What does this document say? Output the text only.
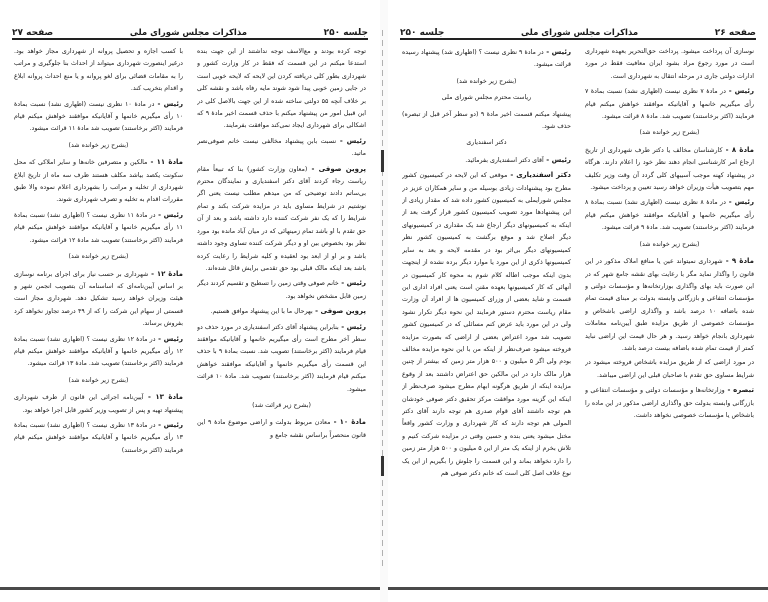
جلسه ۲۵۰
مذاکرات مجلس شورای ملی
صفحه ۲۷

توجه کرده بودند و مع‌الاسف توجه نداشتند از این جهت بنده استدعا میکنم در این قسمت که فقط در کار وزارت کشور و شهرداری بطور کلی دریافته کردن این لایحه که لایحه خوبی است در جایی زمین خوبی پیدا شود شوند مایه رفاه باشد و نقشه کلی بر خلاف آنچه ۵۵ دولتی ساخته شده از این جهت بالاصل کلی در این قبیل امور من پیشنهاد میکنم با حذف قسمت اخیر مادهٔ ۹ که اشکالی برای شهرداری ایجاد نمی‌کند موافقت بفرمایند.

رئیس - نسبت بابن پیشنهاد مخالفی نیست خانم صوفی‌نصر ماتید.

پروین صوفی - (معاون وزارت کشور) بنا که تبیعاً مقام ریاست رجاء کردند آقای دکتر اسفندیاری و نمایندگان محترم بی‌ساتم دادند توضیحی که من میدهم مطلب نیست یعنی اگر نوشتیم در شرایط مساوی باید در مزایده شرکت بکند و تمام شرایط را که یک نفر شرکت کننده دارد داشته باشد و بعد از آن حق تقدم با او باشد تمام زمینهائی که در میان آباد مانده بود مورد نظر بود بخصوص بین او و دیگر شرکت کننده تساوی وجود داشته باشد و بر او از ابعد بود لعقیده و کلیه شرایط را رعایت کرده باشد بعد اینکه مالک قبلی بود حق تقدمی برایش قائل شده‌اند.

رئیس - خانم صوفی وقتی زمین را تسطیح و تقسیم کردند دیگر زمین قابل مشخص نخواهد بود.

پروین صوفی - بهرحال ما با این پیشنهاد موافق هستیم.

رئیس - بنابراین پیشنهاد آقای دکتر اسفندیاری در مورد حذف دو سطر آخر مطرح است رأی میگیریم خانمها و آقایانیکه موافقند قیام فرمایند (اکثر برخاستند) تصویب شد. نسبت بمادهٔ ۹ با حذف این قسمت رأی میگیریم خانمها و آقایانیکه موافقند خواهش میکنم قیام فرمایند (اکثر برخاستند) تصویب شد. مادهٔ ۱۰ قرائت میشود.

(بشرح زیر قرائت شد)

مادهٔ ۱۰ - معادن مربوط بدولت و اراضی موضوع مادهٔ ۹ این قانون منحصراً براساس نقشه جامع و

با کسب اجازه و تحصیل پروانه از شهرداری مجاز خواهد بود. درغیر اینصورت شهرداری میتواند از احداث بنا جلوگیری و مراتب را به مقامات قضائی برای لغو پروانه و یا منع احداث پروانه ابلاغ و اقدام بتخریب کند.

رئیس - در مادهٔ ۱۰ نظری نیست (اظهاری نشد) نسبت بمادهٔ ۱۰ رأی میگیریم خانمها و آقایانیکه موافقند خواهش میکنم قیام فرمایند (اکثر برخاستند) تصویب شد مادهٔ ۱۱ قرائت میشود.

(بشرح زیر خوانده شد)

مادهٔ ۱۱ - مالکین و متصرفین خانه‌ها و سایر املاکی که محل سکونت یکصد بیاشد مکلف هستند ظرف سه ماه از تاریخ ابلاغ شهرداری از تخلیه و مراتب را بشهرداری اعلام نموده والا طبق مقررات اقدام به تخلیه و تصرف شهرداری شوند.

رئیس - در مادهٔ ۱۱ نظری نیست ؟ (اظهاری نشد) نسبت بمادهٔ ۱۱ رأی میگیریم خانمها و آقایانیکه موافقند خواهش میکنم قیام فرمایند (اکثر برخاستند) تصویب شد مادهٔ ۱۲ قرائت میشود.

(بشرح زیر خوانده شد)

مادهٔ ۱۲ - شهرداری بر حسب نیاز برای اجرای برنامه نوسازی بر اساس آیین‌نامه‌ای که اساسنامه آن بتصویب انجمن شهر و هیئت وزیران خواهد رسید تشکیل دهد. شهرداری مجاز است قسمتی از سهام این شرکت را که از ۴۹ درصد تجاوز نخواهد کرد بفروش برساند.

رئیس - در مادهٔ ۱۲ نظری نیست ؟ (اظهاری نشد) نسبت بمادهٔ ۱۲ رأی میگیریم خانمها و آقایانیکه موافقند خواهش میکنم قیام فرمایند (اکثر برخاستند) تصویب شد. مادهٔ ۱۳ قرائت میشود.

(بشرح زیر خوانده شد)

مادهٔ ۱۳ - آیین‌نامه اجرائی این قانون از طرف شهرداری پیشنهاد تهیه و پس از تصویب وزیر کشور قابل اجرا خواهد بود.

رئیس - در مادهٔ ۱۳ نظری نیست ؟ (اظهاری نشد) نسبت بمادهٔ ۱۳ رأی میگیریم خانمها و آقایانیکه موافقند خواهش میکنم قیام فرمایند (اکثر برخاستند)

صفحه ۲۶
مذاکرات مجلس شورای ملی
جلسه ۲۵۰

نوسازی آن پرداخت میشود. پرداخت حق‌التحریر بعهده شهرداری است در مورد رجوع مراد بشود ایران معافیت فقط در مورد ادارات دولتی جاری در مرحله انتقال به شهرداری است.

رئیس - در مادهٔ ۷ نظری نیست (اظهاری نشد) نسبت بمادهٔ ۷ رأی میگیریم خانمها و آقایانیکه موافقند خواهش میکنم قیام فرمایند (اکثر برخاستند) تصویب شد. مادهٔ ۸ قرائت میشود.

(بشرح زیر خوانده شد)

مادهٔ ۸ - کارشناسان مخالف یا دکتر طرف شهرداری از تاریخ ارجاع امر کارشناسی انجام دهند نظر خود را اعلام دارند. هرگاه در پیشنهاد کهنه موجب آسیبهای کلی گردد آن وقت وزیر تکلیف مهم بتصویب هیأت وزیران خواهد رسید تعیین و پرداخت میشود.

رئیس - در مادهٔ ۸ نظری نیست (اظهاری نشد) نسبت بمادهٔ ۸ رأی میگیریم خانمها و آقایانیکه موافقند خواهش میکنم قیام فرمایند (اکثر برخاستند) تصویب شد. مادهٔ ۹ قرائت میشود.

(بشرح زیر خوانده شد)

مادهٔ ۹ - شهرداری نمیتواند عین یا منافع املاک مذکور در این قانون را واگذار نماید مگر با رعایت بهای نقشه جامع شهر که در این صورت باید بهای واگذاری بوزارتخانه‌ها و مؤسسات دولتی و مؤسسات انتفاعی و بازرگانی وابسته بدولت بر مبنای قیمت تمام شده باضافه ۱۰ درصد باشد و واگذاری اراضی باشخاص و مؤسسات خصوصی از طریق مزایده طبق آیین‌نامه معاملات شهرداری بانجام خواهد رسید. و هر حال قیمت این اراضی نباید کمتر از قیمت تمام شده باضافه بیست درصد باشد.

در مورد اراضی که از طریق مزایده باشخاص فروخته میشود در شرایط مساوی حق تقدم با صاحبان قبلی این اراضی میباشد.

تبصره - وزارتخانه‌ها و مؤسسات دولتی و مؤسسات انتفاعی و بازرگانی وابسته بدولت حق واگذاری اراضی مذکور در این ماده را باشخاص یا مؤسسات خصوصی نخواهد داشت.

رئیس - در مادهٔ ۹ نظری نیست ؟ (اظهاری شد) پیشنهاد رسیده قرائت میشود.

(بشرح زیر خوانده شد)

ریاست محترم مجلس شورای ملی

پیشنهاد میکنم قسمت اخیر مادهٔ ۹ (دو سطر آخر قبل از تبصره) حذف شود.

دکتر اسفندیاری

رئیس - آقای دکتر اسفندیاری بفرمائید.

دکتر اسفندیاری - موقعی که این لایحه در کمیسیون کشور مطرح بود پیشنهادات زیادی بوسیله من و سایر همکاران عزیز در مجلس شورایملی به کمیسیون کشور داده شد که مقدار زیادی از این پیشنهادها مورد تصویب کمیسیون کشور قرار گرفت بعد از اینکه به کمیسیونهای دیگر ارجاع شد یک مقداری در کمیسیونهای دیگر اصلاح شد و موقع برگشت به کمیسیون کشور نظر کمیسیونهای دیگر بی‌اثر بود در مقدمه لایحه و بعد به سایر کمیسیونها ذکری از این مورد یا موارد دیگر برده نشده از اینجهت بدون اینکه موجب اطاله کلام شوم به محوه کار کمیسیون در آنهائی که کار کمیسیونها بعهده مقنن است یعنی افراد اداری این قسمت و شاید بعضی از وزرای کمیسیون ها از افراد آن وزارت مقام ریاست محترم دستور فرمایند این نحوه دیگر تکرار نشود ولی در این مورد باید عرض کنم مسائلی که در کمیسیون کشور تصویب شد مورد اعتراض بعضی از اراضی که بصورت مزایده فروخته میشود صرف‌نظر از اینکه من با این نحوه مزایده مخالف بودم ولی اگر ۵ میلیون و ۵۰۰ هزار متر زمین که بیشتر از چنین هزار مالک دارد در این مالکین حق اعتراض داشتند بعد از وقوع مزایده اینکه از طریق هرگونه ابهام مطرح میشود صرف‌نظر از اینکه این گزینه مورد موافقت مرکز تحقیق دکتر صوفی خودشان هم توجه داشتند آقای قوام صدری هم توجه دارند آقای دکتر المولی هم توجه دارند که کار شهرداری و وزارت کشور واقعاً مختل میشود یعنی بنده و حسین وقتی در مزایده شرکت کنیم و تلاش بخرم از اینکه یک متر از این ۵ میلیون و ۵۰۰ هزار متر زمین را دارد نخواهد بماند و این قسمت را جلوش را بگیریم از این یک نوع خلاف اصل کلی است که خانم دکتر صوفی هم
